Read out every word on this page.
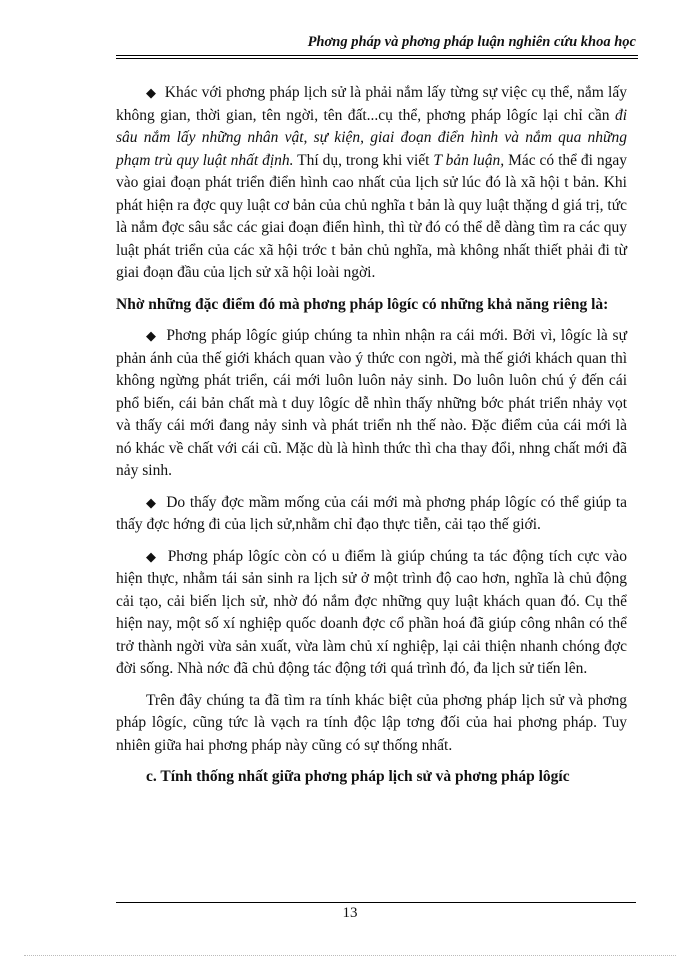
Phơng pháp và phơng pháp luận nghiên cứu khoa học

◆ Khác với phơng pháp lịch sử là phải nắm lấy từng sự việc cụ thể, nắm lấy không gian, thời gian, tên ngời, tên đất...cụ thể, phơng pháp lôgíc lại chỉ cần đi sâu nắm lấy những nhân vật, sự kiện, giai đoạn điển hình và nắm qua những phạm trù quy luật nhất định. Thí dụ, trong khi viết T bản luận, Mác có thể đi ngay vào giai đoạn phát triển điển hình cao nhất của lịch sử lúc đó là xã hội t bản. Khi phát hiện ra đợc quy luật cơ bản của chủ nghĩa t bản là quy luật thặng d giá trị, tức là nắm đợc sâu sắc các giai đoạn điển hình, thì từ đó có thể dễ dàng tìm ra các quy luật phát triển của các xã hội trớc t bản chủ nghĩa, mà không nhất thiết phải đi từ giai đoạn đầu của lịch sử xã hội loài ngời.

Nhờ những đặc điểm đó mà phơng pháp lôgíc có những khả năng riêng là:

◆ Phơng pháp lôgíc giúp chúng ta nhìn nhận ra cái mới. Bởi vì, lôgíc là sự phản ánh của thế giới khách quan vào ý thức con ngời, mà thế giới khách quan thì không ngừng phát triển, cái mới luôn luôn nảy sinh. Do luôn luôn chú ý đến cái phổ biến, cái bản chất mà t duy lôgíc dễ nhìn thấy những bớc phát triển nhảy vọt và thấy cái mới đang nảy sinh và phát triển nh thế nào. Đặc điểm của cái mới là nó khác về chất với cái cũ. Mặc dù là hình thức thì cha thay đổi, nhng chất mới đã nảy sinh.

◆ Do thấy đợc mầm mống của cái mới mà phơng pháp lôgíc có thể giúp ta thấy đợc hớng đi của lịch sử,nhằm chỉ đạo thực tiễn, cải tạo thế giới.

◆ Phơng pháp lôgíc còn có u điểm là giúp chúng ta tác động tích cực vào hiện thực, nhằm tái sản sinh ra lịch sử ở một trình độ cao hơn, nghĩa là chủ động cải tạo, cải biến lịch sử, nhờ đó nắm đợc những quy luật khách quan đó. Cụ thể hiện nay, một số xí nghiệp quốc doanh đợc cổ phần hoá đã giúp công nhân có thể trở thành ngời vừa sản xuất, vừa làm chủ xí nghiệp, lại cải thiện nhanh chóng đợc đời sống. Nhà nớc đã chủ động tác động tới quá trình đó, đa lịch sử tiến lên.

Trên đây chúng ta đã tìm ra tính khác biệt của phơng pháp lịch sử và phơng pháp lôgíc, cũng tức là vạch ra tính độc lập tơng đối của hai phơng pháp. Tuy nhiên giữa hai phơng pháp này cũng có sự thống nhất.

c. Tính thống nhất giữa phơng pháp lịch sử và phơng pháp lôgíc

13
